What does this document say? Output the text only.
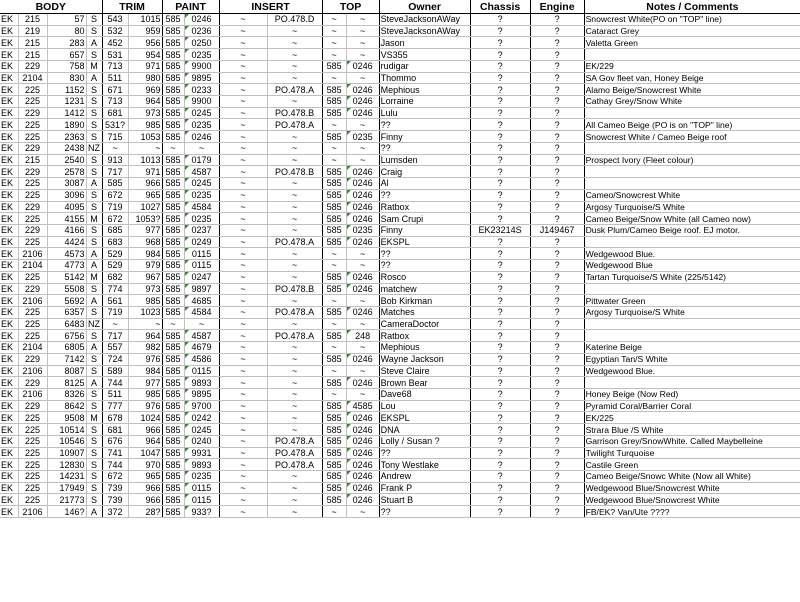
BODY				TRIM		PAINT		INSERT		TOP		Owner	Chassis	Engine	Notes / Comments
EK	215	57	S	543	1015	585	0246	~	PO.478.D	~	~	SteveJacksonAWay	?	?	Snowcrest White(PO on "TOP" line)
EK	219	80	S	532	959	585	0236	~	~	~	~	SteveJacksonAWay	?	?	Cataract Grey
EK	215	283	A	452	956	585	0250	~	~	~	~	Jason	?	?	Valetta Green
EK	215	657	S	531	954	585	0235	~	~	~	~	VS355	?	?	
EK	229	758	M	713	971	585	9900	~	~	585	0246	rudigar	?	?	EK/229
EK	2104	830	A	511	980	585	9895	~	~	~	~	Thommo	?	?	SA Gov fleet van, Honey Beige
EK	225	1152	S	671	969	585	0233	~	PO.478.A	585	0246	Mephious	?	?	Alamo Beige/Snowcrest White
EK	225	1231	S	713	964	585	9900	~	~	585	0246	Lorraine	?	?	Cathay Grey/Snow White
EK	229	1412	S	681	973	585	0245	~	PO.478.B	585	0246	Lulu	?	?	
EK	225	1890	S	531?	985	585	0235	~	PO.478.A	~	~	??	?	?	All Cameo Beige (PO is on "TOP" line)
EK	225	2363	S	715	1053	585	0246	~	~	585	0235	Finny	?	?	Snowcrest White / Cameo Beige roof
EK	229	2438	NZ	~	~	~	~	~	~	~	~	??	?	?	
EK	215	2540	S	913	1013	585	0179	~	~	~	~	Lumsden	?	?	Prospect Ivory (Fleet colour)
EK	229	2578	S	717	971	585	4587	~	PO.478.B	585	0246	Craig	?	?	
EK	225	3087	A	585	966	585	0245	~	~	585	0246	Al	?	?	
EK	225	3096	S	672	965	585	0235	~	~	585	0246	??	?	?	Cameo/Snowcrest White
EK	229	4095	S	719	1027	585	4584	~	~	585	0246	Ratbox	?	?	Argosy Turquoise/S White
EK	225	4155	M	672	1053?	585	0235	~	~	585	0246	Sam Crupi	?	?	Cameo Beige/Snow White (all Cameo now)
EK	229	4166	S	685	977	585	0237	~	~	585	0235	Finny	EK23214S	J149467	Dusk Plum/Cameo Beige roof. EJ motor.
EK	225	4424	S	683	968	585	0249	~	PO.478.A	585	0246	EKSPL	?	?	
EK	2106	4573	A	529	984	585	0115	~	~	~	~	??	?	?	Wedgewood Blue.
EK	2104	4773	A	529	979	585	0115	~	~	~	~	??	?	?	Wedgewood Blue
EK	225	5142	M	682	967	585	0247	~	~	585	0246	Rosco	?	?	Tartan Turquoise/S White (225/5142)
EK	229	5508	S	774	973	585	9897	~	PO.478.B	585	0246	matchew	?	?	
EK	2106	5692	A	561	985	585	4685	~	~	~	~	Bob Kirkman	?	?	Pittwater Green
EK	225	6357	S	719	1023	585	4584	~	PO.478.A	585	0246	Matches	?	?	Argosy Turquoise/S White
EK	225	6483	NZ	~	~	~	~	~	~	~	~	CameraDoctor	?	?	
EK	225	6756	S	717	964	585	4587	~	PO.478.A	585	248	Ratbox	?	?	
EK	2104	6805	A	557	982	585	4679	~	~	~	~	Mephious	?	?	Katerine Beige
EK	229	7142	S	724	976	585	4586	~	~	585	0246	Wayne Jackson	?	?	Egyptian Tan/S White
EK	2106	8087	S	589	984	585	0115	~	~	~	~	Steve Claire	?	?	Wedgewood Blue.
EK	229	8125	A	744	977	585	9893	~	~	585	0246	Brown Bear	?	?	
EK	2106	8326	S	511	985	585	9895	~	~	~	~	Dave68	?	?	Honey Beige (Now Red)
EK	229	8642	S	777	976	585	9700	~	~	585	4585	Lou	?	?	Pyramid Coral/Barrier Coral
EK	225	9508	M	678	1024	585	0242	~	~	585	0246	EKSPL	?	?	EK/225
EK	225	10514	S	681	966	585	0245	~	~	585	0246	DNA	?	?	Strara Blue /S White
EK	225	10546	S	676	964	585	0240	~	PO.478.A	585	0246	Lolly / Susan ?	?	?	Garrison Grey/SnowWhite. Called Maybelleine
EK	225	10907	S	741	1047	585	9931	~	PO.478.A	585	0246	??	?	?	Twilight Turquoise
EK	225	12830	S	744	970	585	9893	~	PO.478.A	585	0246	Tony Westlake	?	?	Castile Green
EK	225	14231	S	672	965	585	0235	~	~	585	0246	Andrew	?	?	Cameo Beige/Snowc White (Now all White)
EK	225	17949	S	739	966	585	0115	~	~	585	0246	Frank P	?	?	Wedgewood Blue/Snowcrest White
EK	225	21773	S	739	966	585	0115	~	~	585	0246	Stuart B	?	?	Wedgewood Blue/Snowcrest White
EK	2106	146?	A	372	28?	585	933?	~	~	~	~	??	?	?	FB/EK? Van/Ute ????
